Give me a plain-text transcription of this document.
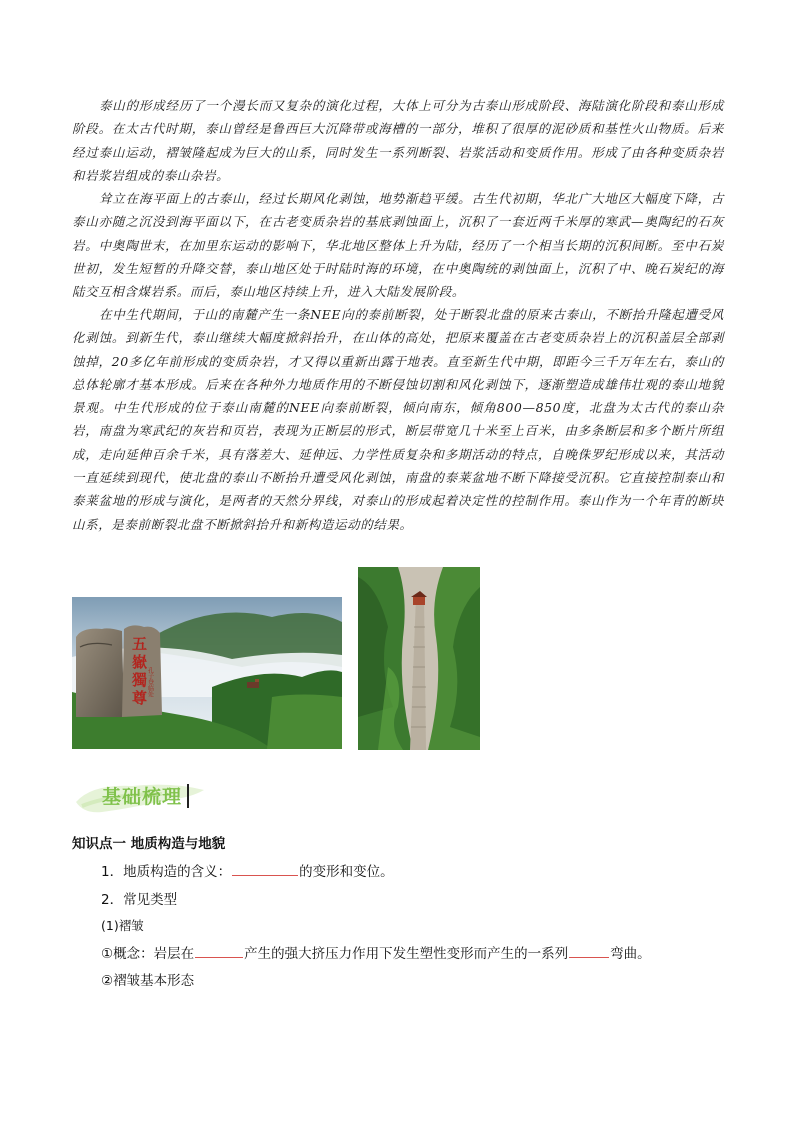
泰山的形成经历了一个漫长而又复杂的演化过程，大体上可分为古泰山形成阶段、海陆演化阶段和泰山形成阶段。在太古代时期，泰山曾经是鲁西巨大沉降带或海槽的一部分，堆积了很厚的泥砂质和基性火山物质。后来经过泰山运动，褶皱隆起成为巨大的山系，同时发生一系列断裂、岩浆活动和变质作用。形成了由各种变质杂岩和岩浆岩组成的泰山杂岩。

耸立在海平面上的古泰山，经过长期风化剥蚀，地势渐趋平缓。古生代初期，华北广大地区大幅度下降，古泰山亦随之沉没到海平面以下，在古老变质杂岩的基底剥蚀面上，沉积了一套近两千米厚的寒武—奥陶纪的石灰岩。中奥陶世末，在加里东运动的影响下，华北地区整体上升为陆，经历了一个相当长期的沉积间断。至中石炭世初，发生短暂的升降交替，泰山地区处于时陆时海的环境，在中奥陶统的剥蚀面上，沉积了中、晚石炭纪的海陆交互相含煤岩系。而后，泰山地区持续上升，进入大陆发展阶段。

在中生代期间，于山的南麓产生一条NEE向的泰前断裂，处于断裂北盘的原来古泰山，不断抬升隆起遭受风化剥蚀。到新生代，泰山继续大幅度掀斜抬升，在山体的高处，把原来覆盖在古老变质杂岩上的沉积盖层全部剥蚀掉，20多亿年前形成的变质杂岩，才又得以重新出露于地表。直至新生代中期，即距今三千万年左右，泰山的总体轮廓才基本形成。后来在各种外力地质作用的不断侵蚀切割和风化剥蚀下，逐渐塑造成雄伟壮观的泰山地貌景观。中生代形成的位于泰山南麓的NEE向泰前断裂，倾向南东，倾角800—850度，北盘为太古代的泰山杂岩，南盘为寒武纪的灰岩和页岩，表现为正断层的形式，断层带宽几十米至上百米，由多条断层和多个断片所组成，走向延伸百余千米，具有落差大、延伸远、力学性质复杂和多期活动的特点，自晚侏罗纪形成以来，其活动一直延续到现代，使北盘的泰山不断抬升遭受风化剥蚀，南盘的泰莱盆地不断下降接受沉积。它直接控制泰山和泰莱盆地的形成与演化，是两者的天然分界线，对泰山的形成起着决定性的控制作用。泰山作为一个年青的断块山系，是泰前断裂北盘不断掀斜抬升和新构造运动的结果。

五
嶽
獨
尊
孔子登临处
基础梳理
知识点一 地质构造与地貌
1．地质构造的含义：	的变形和变位。
2．常见类型
(1)褶皱
①概念：岩层在	产生的强大挤压力作用下发生塑性变形而产生的一系列	弯曲。
②褶皱基本形态
